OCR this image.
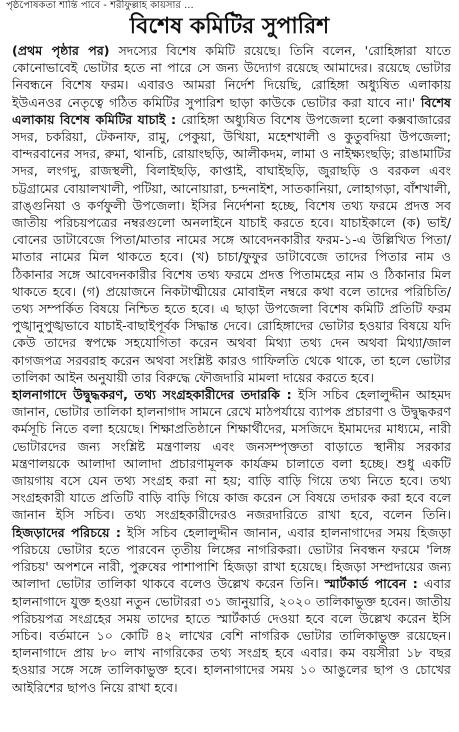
পৃষ্ঠপোষকতা শান্তি পাবে - শরীফুল্লাহ কায়সার ...
বিশেষ কমিটির সুপারিশ

(প্রথম পৃষ্ঠার পর) সদস্যের বিশেষ কমিটি রয়েছে। তিনি বলেন, 'রোহিঙ্গারা যাতে কোনোভাবেই ভোটার হতে না পারে সে জন্য উদ্যোগ রয়েছে আমাদের। রয়েছে ভোটার নিবন্ধনে বিশেষ ফরম। এবারও আমরা নির্দেশ দিয়েছি, রোহিঙ্গা অধ্যুষিত এলাকায় ইউএনওর নেতৃত্বে গঠিত কমিটির সুপারিশ ছাড়া কাউকে ভোটার করা যাবে না।' বিশেষ এলাকায় বিশেষ কমিটির যাচাই : রোহিঙ্গা অধ্যুষিত বিশেষ উপজেলা হলো কক্সবাজারের সদর, চকরিয়া, টেকনাফ, রামু, পেকুয়া, উখিয়া, মহেশখালী ও কুতুবদিয়া উপজেলা; বান্দরবানের সদর, রুমা, থানচি, রোয়াংছড়ি, আলীকদম, লামা ও নাইক্ষ্যংছড়ি; রাঙামাটির সদর, লংগদু, রাজস্থলী, বিলাইছড়ি, কাপ্তাই, বাঘাইছড়ি, জুরাছড়ি ও বরকল এবং চট্টগ্রামের বোয়ালখালী, পটিয়া, আনোয়ারা, চন্দনাইশ, সাতকানিয়া, লোহাগড়া, বাঁশখালী, রাঙ্গুনিয়া ও কর্ণফুলী উপজেলা। ইসির নির্দেশনা হচ্ছে, বিশেষ তথ্য ফরমে প্রদত্ত সব জাতীয় পরিচয়পত্রের নম্বরগুলো অনলাইনে যাচাই করতে হবে। যাচাইকালে (ক) ভাই/বোনের ডাটাবেজে পিতা/মাতার নামের সঙ্গে আবেদনকারীর ফরম-১-এ উল্লিখিত পিতা/মাতার নামের মিল থাকতে হবে। (খ) চাচা/ফুফুর ডাটাবেজে তাদের পিতার নাম ও ঠিকানার সঙ্গে আবেদনকারীর বিশেষ তথ্য ফরমে প্রদত্ত পিতামহের নাম ও ঠিকানার মিল থাকতে হবে। (গ) প্রয়োজনে নিকটাত্মীয়ের মোবাইল নম্বরে কথা বলে তাদের পরিচিতি/তথ্য সম্পর্কিত বিষয়ে নিশ্চিত হতে হবে। এ ছাড়া উপজেলা বিশেষ কমিটি প্রতিটি ফরম পুঙ্খানুপুঙ্খভাবে যাচাই-বাছাইপূর্বক সিদ্ধান্ত দেবে। রোহিঙ্গাদের ভোটার হওয়ার বিষয়ে যদি কেউ তাদের স্বপক্ষে সহযোগিতা করেন অথবা মিথ্যা তথ্য দেন অথবা মিথ্যা/জাল কাগজপত্র সরবরাহ করেন অথবা সংশ্লিষ্ট কারও গাফিলতি থেকে থাকে, তা হলে ভোটার তালিকা আইন অনুযায়ী তার বিরুদ্ধে ফৌজদারি মামলা দায়ের করতে হবে।

হালনাগাদে উদ্বুদ্ধকরণ, তথ্য সংগ্রহকারীদের তদারকি : ইসি সচিব হেলালুদ্দীন আহমদ জানান, ভোটার তালিকা হালনাগাদ সামনে রেখে মাঠপর্যায়ে ব্যাপক প্রচারণা ও উদ্বুদ্ধকরণ কর্মসূচি নিতে বলা হয়েছে। শিক্ষাপ্রতিষ্ঠানে শিক্ষার্থীদের, মসজিদে ইমামদের মাধ্যমে, নারী ভোটারদের জন্য সংশ্লিষ্ট মন্ত্রণালয় এবং জনসম্পৃক্ততা বাড়াতে স্থানীয় সরকার মন্ত্রণালয়কে আলাদা আলাদা প্রচারণামূলক কার্যক্রম চালাতে বলা হচ্ছে। শুধু একটি জায়গায় বসে যেন তথ্য সংগ্রহ করা না হয়; বাড়ি বাড়ি গিয়ে তথ্য নিতে হবে। তথ্য সংগ্রহকারী যাতে প্রতিটি বাড়ি বাড়ি গিয়ে কাজ করেন সে বিষয়ে তদারক করা হবে বলে জানান ইসি সচিব। তথ্য সংগ্রহকারীদেরও নজরদারিতে রাখা হবে, বলেন তিনি। হিজড়াদের পরিচয়ে : ইসি সচিব হেলালুদ্দীন জানান, এবার হালনাগাদের সময় হিজড়া পরিচয়ে ভোটার হতে পারবেন তৃতীয় লিঙ্গের নাগরিকরা। ভোটার নিবন্ধন ফরমে 'লিঙ্গ পরিচয়' অপশনে নারী, পুরুষের পাশাপাশি হিজড়া রাখা হয়েছে। হিজড়া সম্প্রদায়ের জন্য আলাদা ভোটার তালিকা থাকবে বলেও উল্লেখ করেন তিনি। স্মার্টকার্ড পাবেন : এবার হালনাগাদে যুক্ত হওয়া নতুন ভোটাররা ৩১ জানুয়ারি, ২০২০ তালিকাভুক্ত হবেন। জাতীয় পরিচয়পত্র সংগ্রহের সময় তাদের হাতে স্মার্টকার্ড দেওয়া হবে বলে উল্লেখ করেন ইসি সচিব। বর্তমানে ১০ কোটি ৪২ লাখের বেশি নাগরিক ভোটার তালিকাভুক্ত রয়েছেন। হালনাগাদে প্রায় ৮০ লাখ নাগরিকের তথ্য সংগ্রহ হবে এবার। কম বয়সীরা ১৮ বছর হওয়ার সঙ্গে সঙ্গে তালিকাভুক্ত হবে। হালনাগাদের সময় ১০ আঙুলের ছাপ ও চোখের আইরিশের ছাপও নিয়ে রাখা হবে।
